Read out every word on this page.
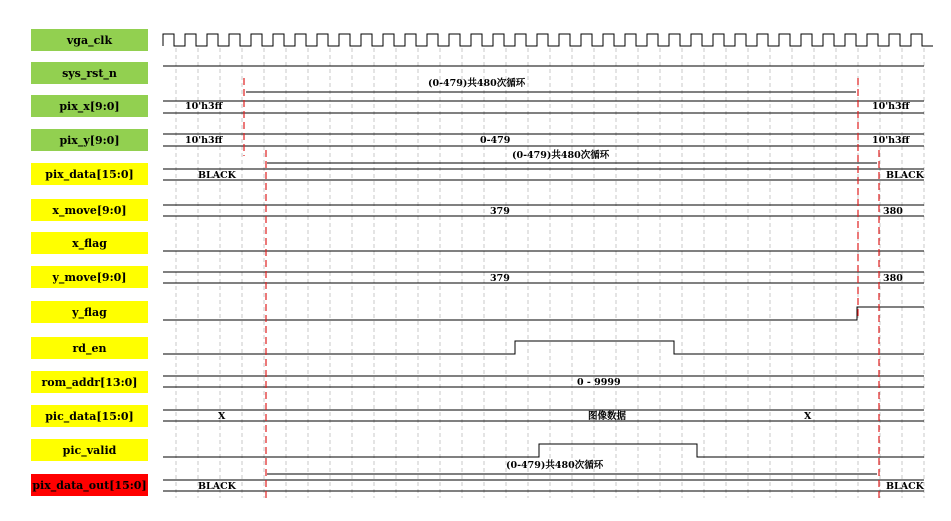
vga_clk
sys_rst_n
pix_x[9:0]
pix_y[9:0]
pix_data[15:0]
x_move[9:0]
x_flag
y_move[9:0]
y_flag
rd_en
rom_addr[13:0]
pic_data[15:0]
pic_valid
pix_data_out[15:0]
10'h3ff	10'h3ff
10'h3ff	0-479	10'h3ff
(0-479)共480次循环
(0-479)共480次循环
(0-479)共480次循环
BLACK	BLACK
379	380
379	380
0 - 9999
X	图像数据	X
BLACK	BLACK
